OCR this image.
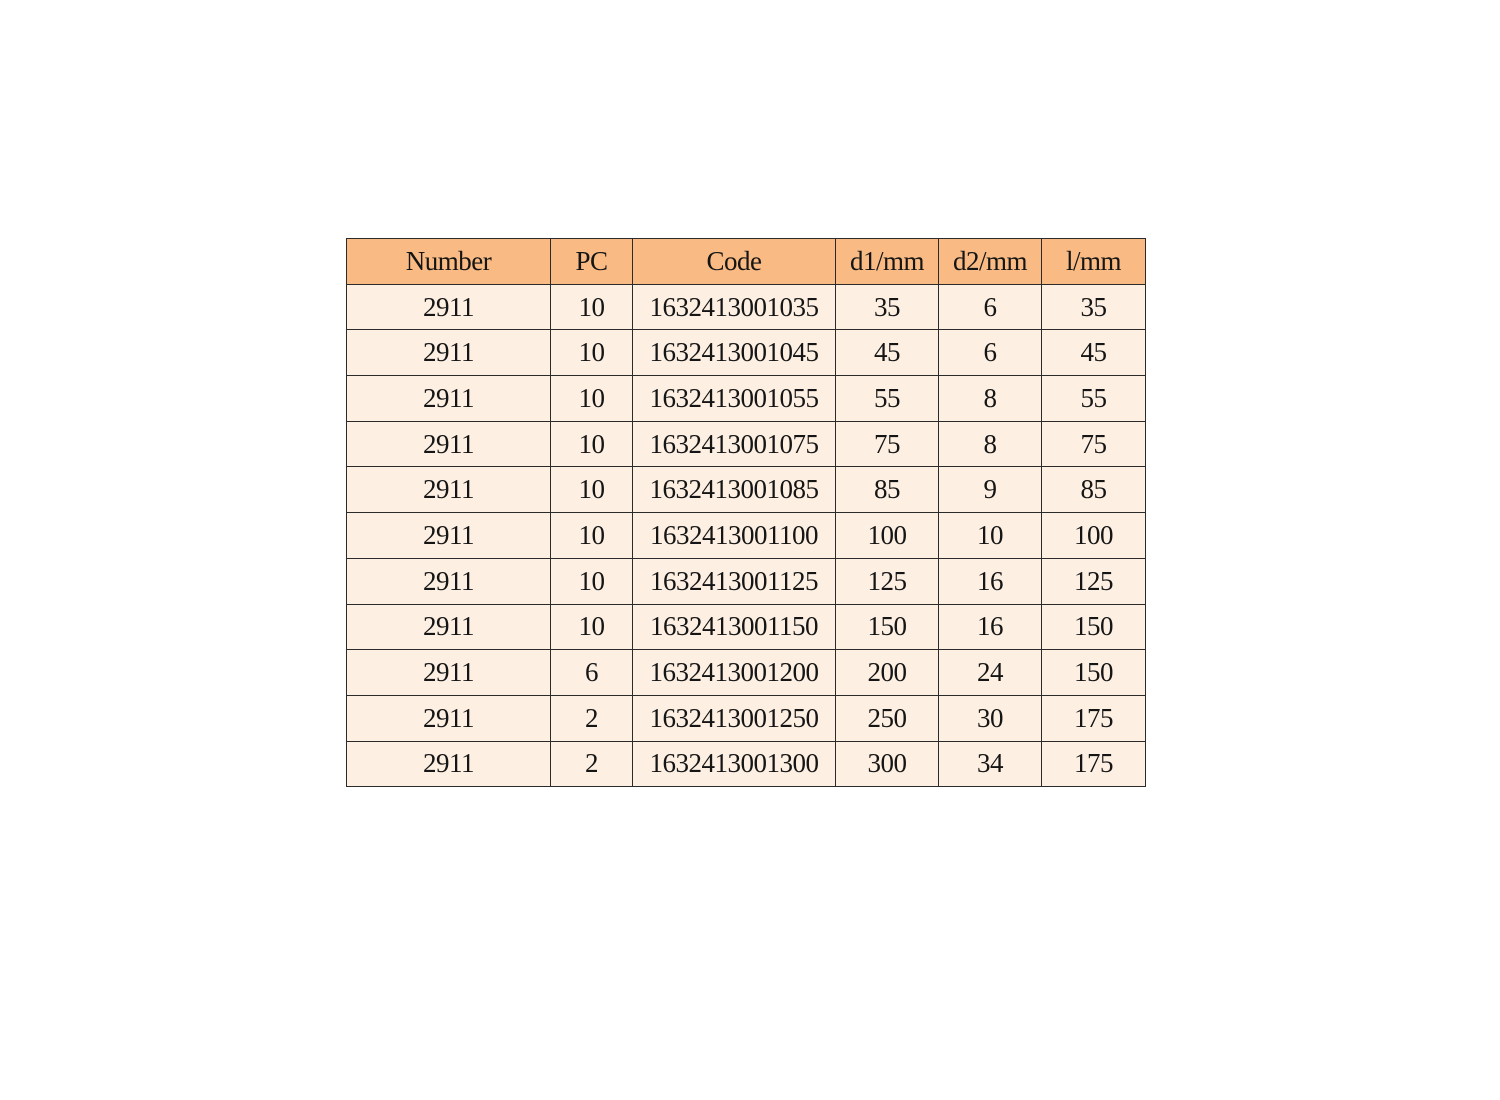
Number	PC	Code	d1/mm	d2/mm	l/mm
2911	10	1632413001035	35	6	35
2911	10	1632413001045	45	6	45
2911	10	1632413001055	55	8	55
2911	10	1632413001075	75	8	75
2911	10	1632413001085	85	9	85
2911	10	1632413001100	100	10	100
2911	10	1632413001125	125	16	125
2911	10	1632413001150	150	16	150
2911	6	1632413001200	200	24	150
2911	2	1632413001250	250	30	175
2911	2	1632413001300	300	34	175
